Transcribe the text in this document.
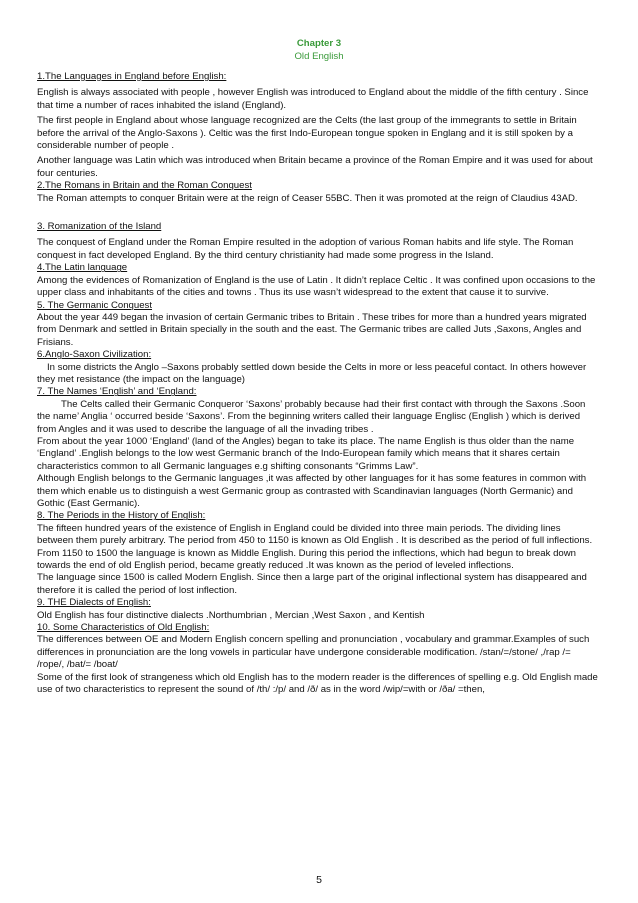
Chapter 3
Old English

1.The Languages in England before English:

English is always associated with people , however English was introduced to England about the middle of the fifth century . Since that time a number of races inhabited the island (England).

The first people in England about whose language recognized are the Celts (the last group of the immegrants to settle in Britain before the arrival of the Anglo-Saxons ). Celtic was the first Indo-European tongue spoken in Englang and it is still spoken by a considerable number of people .

Another language was Latin which was introduced when Britain became a province of the Roman Empire and it was used for about four centuries.

2.The Romans in Britain and the Roman Conquest

The Roman attempts to conquer Britain were at the reign of Ceaser 55BC. Then it was promoted at the reign of Claudius 43AD.

3. Romanization of the Island

The conquest of England under the Roman Empire resulted in the adoption of various Roman habits and life style. The Roman conquest in fact developed England. By the third century christianity had made some progress in the Island.

4.The Latin language

Among the evidences of Romanization of England is the use of Latin . It didn’t replace Celtic . It was confined upon occasions to the upper class and inhabitants of the cities and towns . Thus its use wasn’t widespread to the extent that cause it to survive.

5. The Germanic Conquest

About the year 449 began the invasion of certain Germanic tribes to Britain . These tribes for more than a hundred years migrated from Denmark and settled in Britain specially in the south and the east. The Germanic tribes are called Juts ,Saxons, Angles and Frisians.

6.Anglo-Saxon Civilization:

In some districts the Anglo –Saxons probably settled down beside the Celts in more or less peaceful contact. In others however they met resistance (the impact on the language)

7. The Names ‘English’ and ‘England:

The Celts called their Germanic Conqueror ‘Saxons’ probably because had their first contact with through the Saxons .Soon the name’ Anglia ‘ occurred beside ‘Saxons’. From the beginning writers called their language Englisc (English ) which is derived from Angles and it was used to describe the language of all the invading tribes .

From about the year 1000 ‘England’ (land of the Angles) began to take its place. The name English is thus older than the name ‘England’ .English belongs to the low west Germanic branch of the Indo-European family which means that it shares certain characteristics common to all Germanic languages e.g shifting consonants “Grimms Law”.

Although English belongs to the Germanic languages ,it was affected by other languages for it has some features in common with them which enable us to distinguish a west Germanic group as contrasted with Scandinavian languages (North Germanic) and Gothic (East Germanic).

8. The Periods in the History of English:

The fifteen hundred years of the existence of English in England could be divided into three main periods. The dividing lines between them purely arbitrary. The period from 450 to 1150 is known as Old English . It is described as the period of full inflections.

From 1150 to 1500 the language is known as Middle English. During this period the inflections, which had begun to break down towards the end of old English period, became greatly reduced .It was known as the period of leveled inflections.

The language since 1500 is called Modern English. Since then a large part of the original inflectional system has disappeared and therefore it is called the period of lost inflection.

9. THE Dialects of English:

Old English has four distinctive dialects .Northumbrian , Mercian ,West Saxon , and Kentish

10. Some Characteristics of Old English:

The differences between OE and Modern English concern spelling and pronunciation , vocabulary and grammar.Examples of such differences in pronunciation are the long vowels in particular have undergone considerable modification. /stan/=/stone/ ,/rap /= /rope/, /bat/= /boat/

Some of the first look of strangeness which old English has to the modern reader is the differences of spelling e.g. Old English made use of two characteristics to represent the sound of /th/ :/p/ and /ð/ as in the word /wip/=with or /ða/ =then,

5
